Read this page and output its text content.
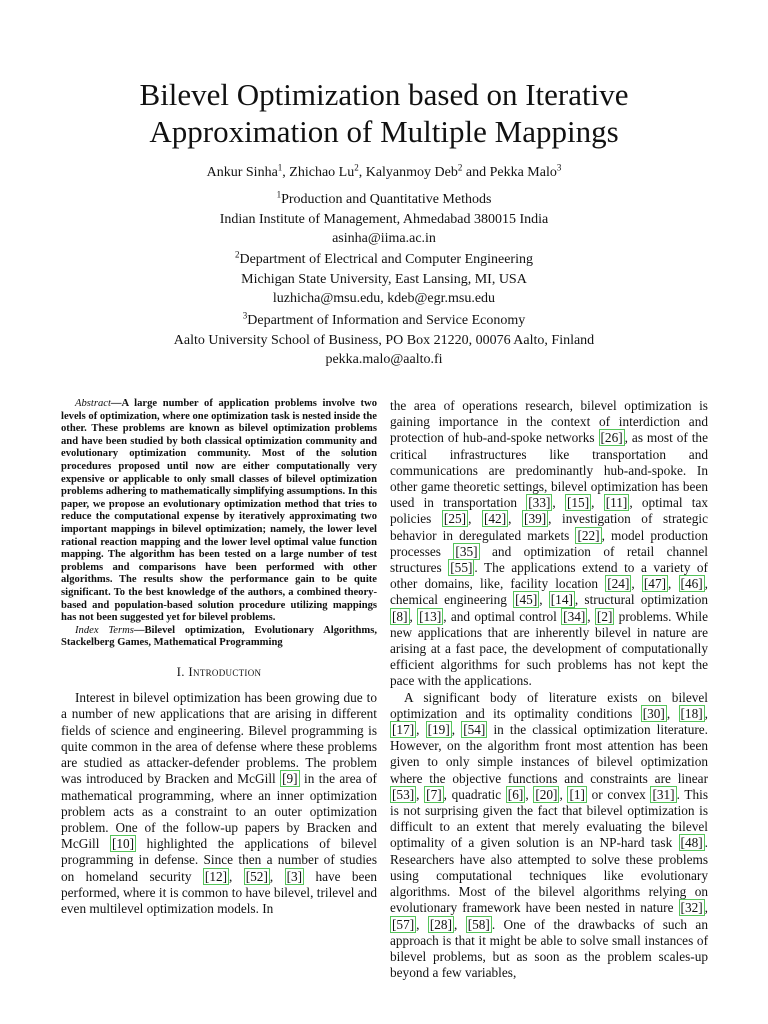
Bilevel Optimization based on Iterative
Approximation of Multiple Mappings
Ankur Sinha$^1$, Zhichao Lu$^2$, Kalyanmoy Deb$^2$ and Pekka Malo$^3$
$^1$Production and Quantitative Methods
Indian Institute of Management, Ahmedabad 380015 India
asinha@iima.ac.in
$^2$Department of Electrical and Computer Engineering
Michigan State University, East Lansing, MI, USA
luzhicha@msu.edu, kdeb@egr.msu.edu
$^3$Department of Information and Service Economy
Aalto University School of Business, PO Box 21220, 00076 Aalto, Finland
pekka.malo@aalto.fi

Abstract—A large number of application problems involve two levels of optimization, where one optimization task is nested inside the other. These problems are known as bilevel optimization problems and have been studied by both classical optimization community and evolutionary optimization community. Most of the solution procedures proposed until now are either computationally very expensive or applicable to only small classes of bilevel optimization problems adhering to mathematically simplifying assumptions. In this paper, we propose an evolutionary optimization method that tries to reduce the computational expense by iteratively approximating two important mappings in bilevel optimization; namely, the lower level rational reaction mapping and the lower level optimal value function mapping. The algorithm has been tested on a large number of test problems and comparisons have been performed with other algorithms. The results show the performance gain to be quite significant. To the best knowledge of the authors, a combined theory-based and population-based solution procedure utilizing mappings has not been suggested yet for bilevel problems.

Index Terms—Bilevel optimization, Evolutionary Algorithms, Stackelberg Games, Mathematical Programming

I. Introduction

Interest in bilevel optimization has been growing due to a number of new applications that are arising in different fields of science and engineering. Bilevel programming is quite common in the area of defense where these problems are studied as attacker-defender problems. The problem was introduced by Bracken and McGill [9] in the area of mathematical programming, where an inner optimization problem acts as a constraint to an outer optimization problem. One of the follow-up papers by Bracken and McGill [10] highlighted the applications of bilevel programming in defense. Since then a number of studies on homeland security [12] , [52] , [3] have been performed, where it is common to have bilevel, trilevel and even multilevel optimization models. In

the area of operations research, bilevel optimization is gaining importance in the context of interdiction and protection of hub-and-spoke networks [26] , as most of the critical infrastructures like transportation and communications are predominantly hub-and-spoke. In other game theoretic settings, bilevel optimization has been used in transportation [33] , [15] , [11] , optimal tax policies [25] , [42] , [39] , investigation of strategic behavior in deregulated markets [22] , model production processes [35] and optimization of retail channel structures [55] . The applications extend to a variety of other domains, like, facility location [24] , [47] , [46] , chemical engineering [45] , [14] , structural optimization [8] , [13] , and optimal control [34] , [2] problems. While new applications that are inherently bilevel in nature are arising at a fast pace, the development of computationally efficient algorithms for such problems has not kept the pace with the applications.

A significant body of literature exists on bilevel optimization and its optimality conditions [30] , [18] , [17] , [19] , [54] in the classical optimization literature. However, on the algorithm front most attention has been given to only simple instances of bilevel optimization where the objective functions and constraints are linear [53] , [7] , quadratic [6] , [20] , [1] or convex [31] . This is not surprising given the fact that bilevel optimization is difficult to an extent that merely evaluating the bilevel optimality of a given solution is an NP-hard task [48] . Researchers have also attempted to solve these problems using computational techniques like evolutionary algorithms. Most of the bilevel algorithms relying on evolutionary framework have been nested in nature [32] , [57] , [28] , [58] . One of the drawbacks of such an approach is that it might be able to solve small instances of bilevel problems, but as soon as the problem scales-up beyond a few variables,
